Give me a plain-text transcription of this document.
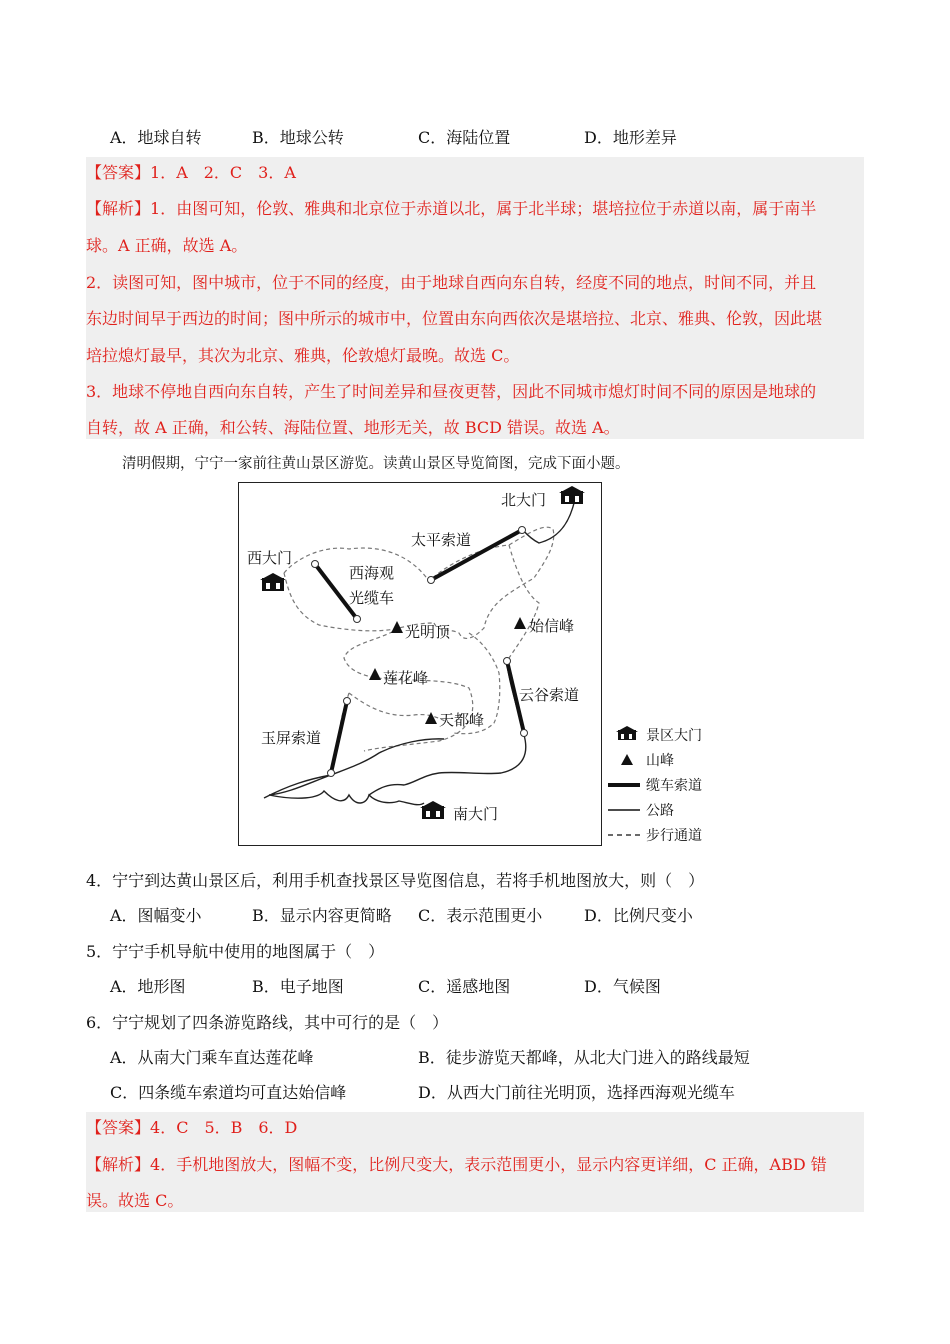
A．地球自转	B．地球公转	C．海陆位置	D．地形差异
【答案】1．A　2．C　3．A
【解析】1．由图可知，伦敦、雅典和北京位于赤道以北，属于北半球；堪培拉位于赤道以南，属于南半
球。A 正确，故选 A。
2．读图可知，图中城市，位于不同的经度，由于地球自西向东自转，经度不同的地点，时间不同，并且
东边时间早于西边的时间；图中所示的城市中，位置由东向西依次是堪培拉、北京、雅典、伦敦，因此堪
培拉熄灯最早，其次为北京、雅典，伦敦熄灯最晚。故选 C。
3．地球不停地自西向东自转，产生了时间差异和昼夜更替，因此不同城市熄灯时间不同的原因是地球的
自转，故 A 正确，和公转、海陆位置、地形无关，故 BCD 错误。故选 A。
清明假期，宁宁一家前往黄山景区游览。读黄山景区导览简图，完成下面小题。
北大门
西大门
南大门
太平索道
西海观
光缆车
光明顶	始信峰
莲花峰
云谷索道
天都峰
玉屏索道	景区大门
山峰
缆车索道
公路
步行通道
4．宁宁到达黄山景区后，利用手机查找景区导览图信息，若将手机地图放大，则（　）
A．图幅变小	B．显示内容更简略 C．表示范围更小	D．比例尺变小
5．宁宁手机导航中使用的地图属于（　）
A．地形图	B．电子地图	C．遥感地图	D．气候图
6．宁宁规划了四条游览路线，其中可行的是（　）
A．从南大门乘车直达莲花峰	B．徒步游览天都峰，从北大门进入的路线最短
C．四条缆车索道均可直达始信峰	D．从西大门前往光明顶，选择西海观光缆车
【答案】4．C　5．B　6．D
【解析】4．手机地图放大，图幅不变，比例尺变大，表示范围更小，显示内容更详细，C 正确，ABD 错
误。故选 C。
